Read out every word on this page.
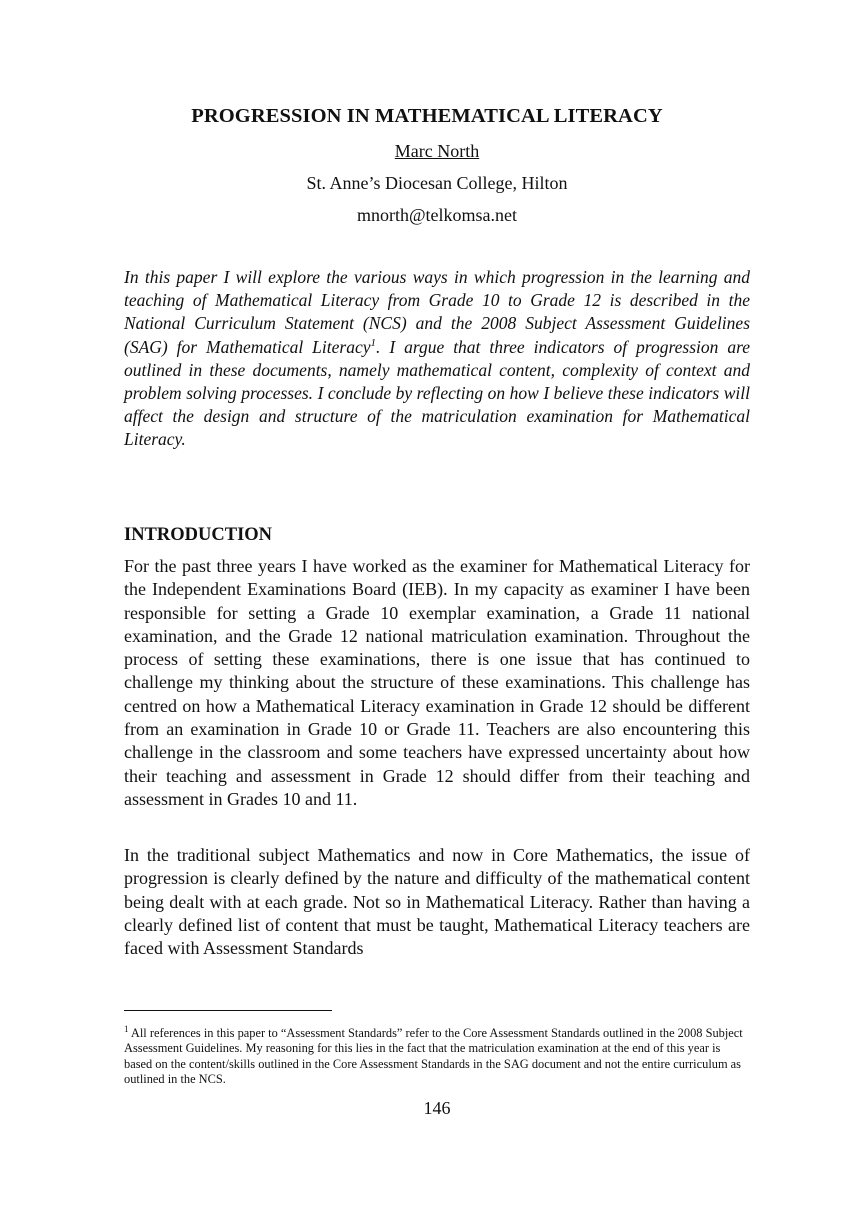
PROGRESSION IN MATHEMATICAL LITERACY
Marc North
St. Anne’s Diocesan College, Hilton
mnorth@telkomsa.net
In this paper I will explore the various ways in which progression in the learning and teaching of Mathematical Literacy from Grade 10 to Grade 12 is described in the National Curriculum Statement (NCS) and the 2008 Subject Assessment Guidelines (SAG) for Mathematical Literacy$^1$. I argue that three indicators of progression are outlined in these documents, namely mathematical content, complexity of context and problem solving processes. I conclude by reflecting on how I believe these indicators will affect the design and structure of the matriculation examination for Mathematical Literacy.
INTRODUCTION

For the past three years I have worked as the examiner for Mathematical Literacy for the Independent Examinations Board (IEB). In my capacity as examiner I have been responsible for setting a Grade 10 exemplar examination, a Grade 11 national examination, and the Grade 12 national matriculation examination. Throughout the process of setting these examinations, there is one issue that has continued to challenge my thinking about the structure of these examinations. This challenge has centred on how a Mathematical Literacy examination in Grade 12 should be different from an examination in Grade 10 or Grade 11. Teachers are also encountering this challenge in the classroom and some teachers have expressed uncertainty about how their teaching and assessment in Grade 12 should differ from their teaching and assessment in Grades 10 and 11.

In the traditional subject Mathematics and now in Core Mathematics, the issue of progression is clearly defined by the nature and difficulty of the mathematical content being dealt with at each grade. Not so in Mathematical Literacy. Rather than having a clearly defined list of content that must be taught, Mathematical Literacy teachers are faced with Assessment Standards

$^1$ All references in this paper to “Assessment Standards” refer to the Core Assessment Standards outlined in the 2008 Subject Assessment Guidelines. My reasoning for this lies in the fact that the matriculation examination at the end of this year is based on the content/skills outlined in the Core Assessment Standards in the SAG document and not the entire curriculum as outlined in the NCS.
146
